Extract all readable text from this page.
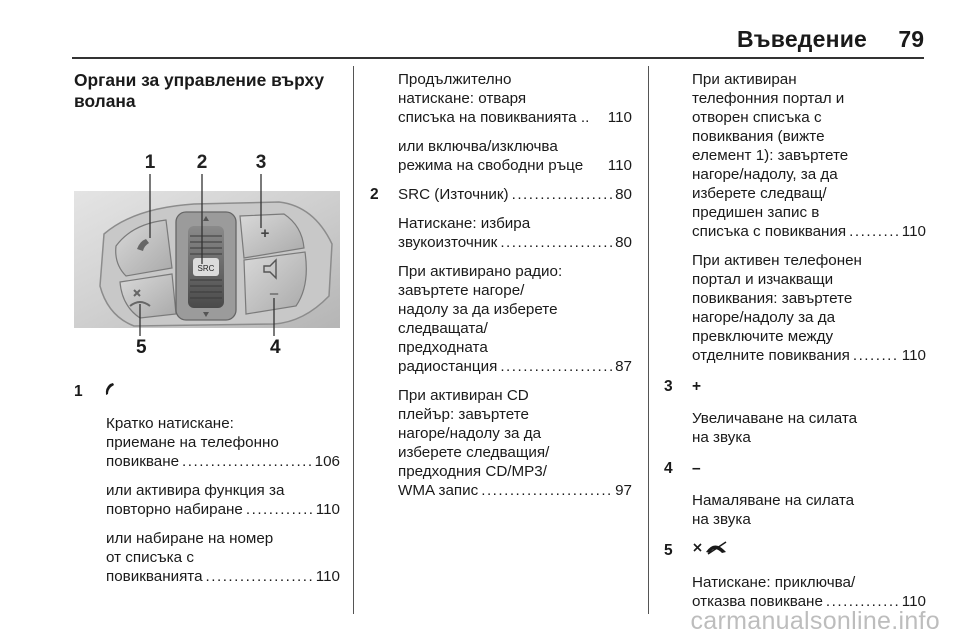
Въведение 79
Органи за управление върху
волана
SRC
+
–
1 2	3
4
5
1
Кратко натискане:
приемане на телефонно
повикване .....	106
или активира функция за
повторно набиране .....	110
или набиране на номер
от списъка с
повикванията .....	110
Продължително
натискане: отваря
списъка на повикванията .. 110
или включва/изключва
режима на свободни ръце 110
2 SRC (Източник) .....	80
Натискане: избира
звукоизточник .....	80
При активирано радио:
завъртете нагоре/
надолу за да изберете
следващата/
предходната
радиостанция .....	87
При активиран CD
плейър: завъртете
нагоре/надолу за да
изберете следващия/
предходния CD/MP3/
WMA запис .....	97
При активиран
телефонния портал и
отворен списъка с
повиквания (вижте
елемент 1): завъртете
нагоре/надолу, за да
изберете следващ/
предишен запис в
списъка с повиквания .....	110
При активен телефонен
портал и изчакващи
повиквания: завъртете
нагоре/надолу за да
превключите между
отделните повиквания .....	110
3	+
Увеличаване на силата
на звука
4	–
Намаляване на силата
на звука
5
Натискане: приключва/
отказва повикване .....	110
carmanualsonline.info
